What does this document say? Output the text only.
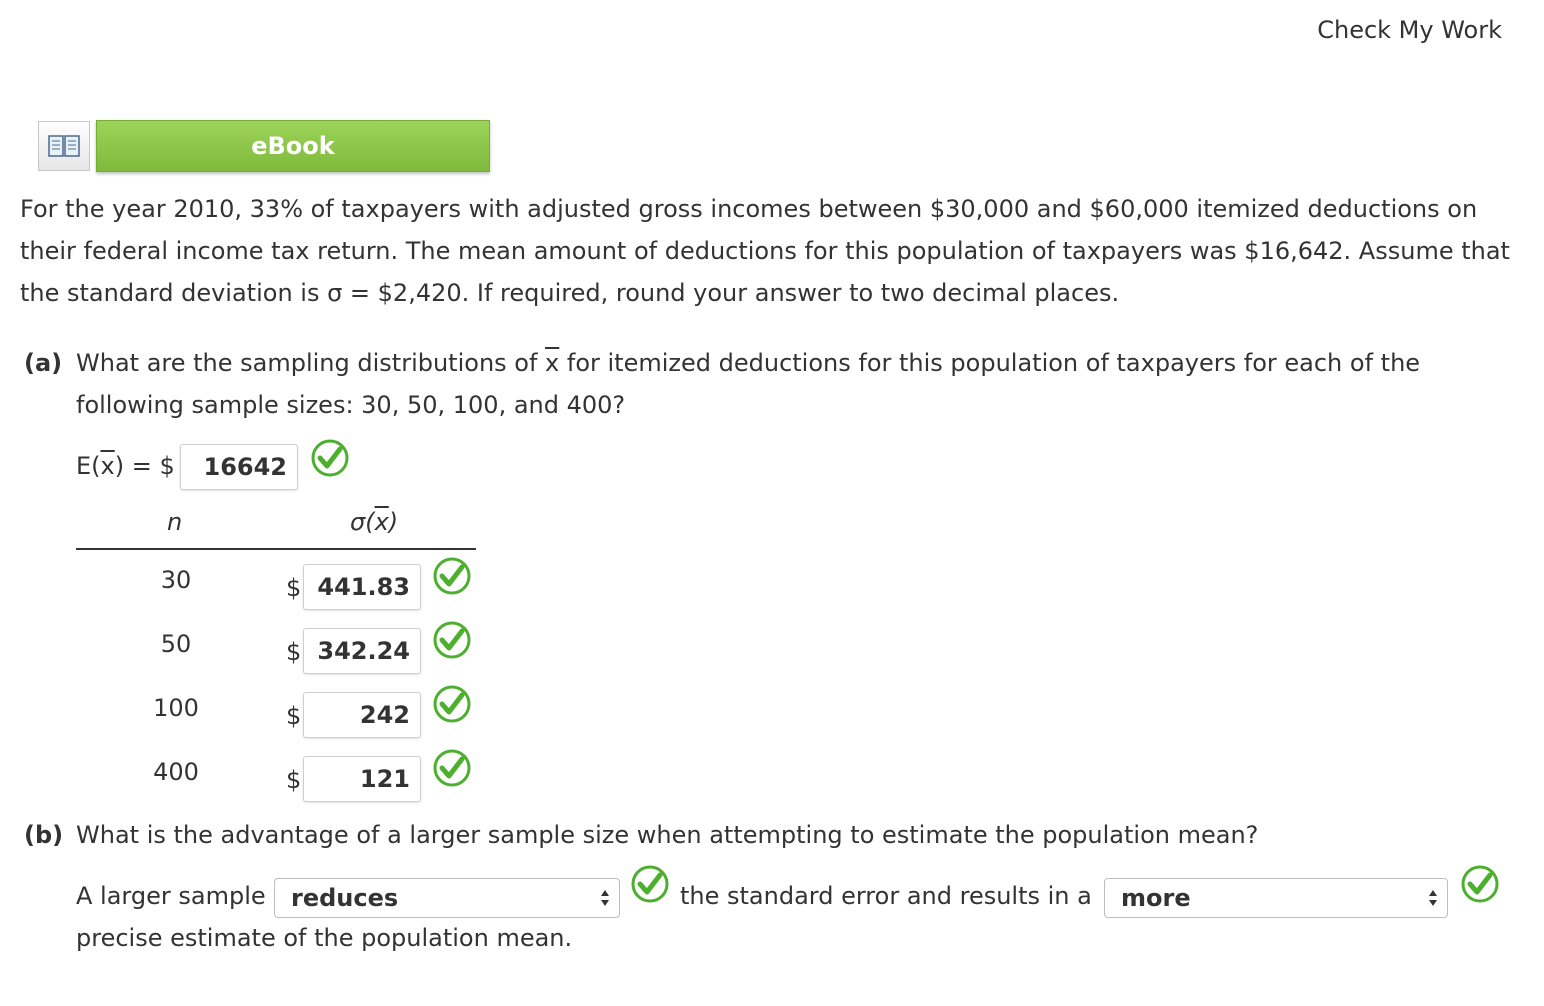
Check My Work
eBook
For the year 2010, 33% of taxpayers with adjusted gross incomes between $30,000 and $60,000 itemized deductions on
their federal income tax return. The mean amount of deductions for this population of taxpayers was $16,642. Assume that
the standard deviation is σ = $2,420. If required, round your answer to two decimal places.
(a) What are the sampling distributions of $\overline{x}$ for itemized deductions for this population of taxpayers for each of the
following sample sizes: 30, 50, 100, and 400?
$E(\overline{x})$ = $	16642
n	$\sigma(\overline{x})$
30	$ 441.83
50	$ 342.24
100	$	242
400	$	121
(b) What is the advantage of a larger sample size when attempting to estimate the population mean?
A larger sample reduces	the standard error and results in a more
precise estimate of the population mean.
